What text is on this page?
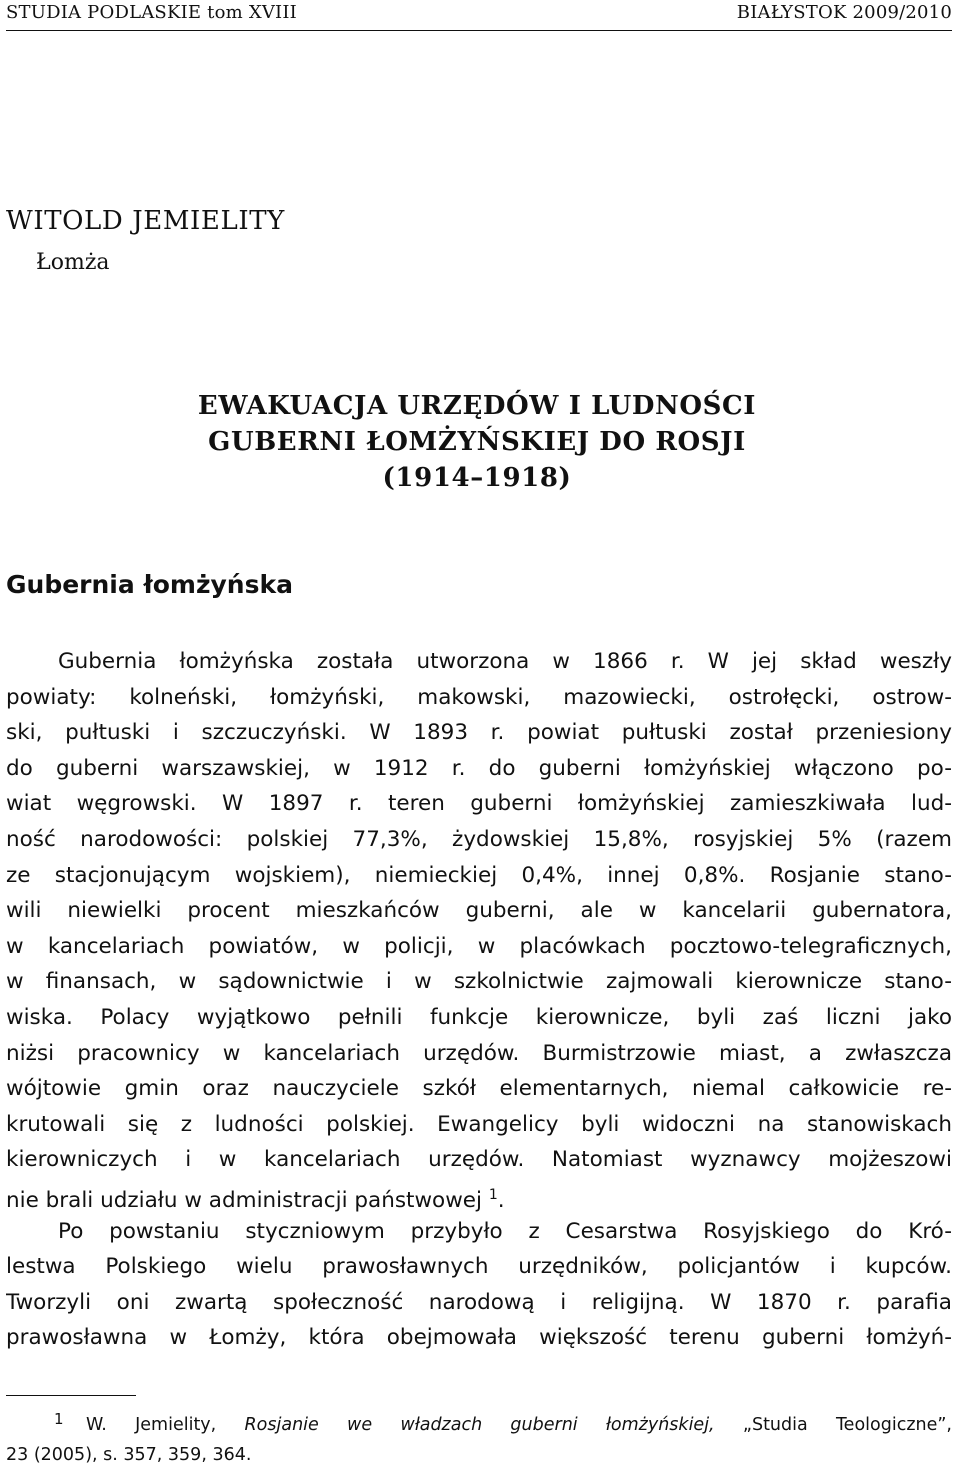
STUDIA PODLASKIE tom XVIII	BIAŁYSTOK 2009/2010
WITOLD JEMIELITY
Łomża
EWAKUACJA URZĘDÓW I LUDNOŚCI
GUBERNI ŁOMŻYŃSKIEJ DO ROSJI
(1914–1918)
Gubernia łomżyńska
Gubernia łomżyńska została utworzona w 1866 r. W jej skład weszły
powiaty: kolneński, łomżyński, makowski, mazowiecki, ostrołęcki, ostrow-
ski, pułtuski i szczuczyński. W 1893 r. powiat pułtuski został przeniesiony
do guberni warszawskiej, w 1912 r. do guberni łomżyńskiej włączono po-
wiat węgrowski. W 1897 r. teren guberni łomżyńskiej zamieszkiwała lud-
ność narodowości: polskiej 77,3%, żydowskiej 15,8%, rosyjskiej 5% (razem
ze stacjonującym wojskiem), niemieckiej 0,4%, innej 0,8%. Rosjanie stano-
wili niewielki procent mieszkańców guberni, ale w kancelarii gubernatora,
w kancelariach powiatów, w policji, w placówkach pocztowo-telegraficznych,
w finansach, w sądownictwie i w szkolnictwie zajmowali kierownicze stano-
wiska. Polacy wyjątkowo pełnili funkcje kierownicze, byli zaś liczni jako
niżsi pracownicy w kancelariach urzędów. Burmistrzowie miast, a zwłaszcza
wójtowie gmin oraz nauczyciele szkół elementarnych, niemal całkowicie re-
krutowali się z ludności polskiej. Ewangelicy byli widoczni na stanowiskach
kierowniczych i w kancelariach urzędów. Natomiast wyznawcy mojżeszowi
nie brali udziału w administracji państwowej $^1$.
Po powstaniu styczniowym przybyło z Cesarstwa Rosyjskiego do Kró-
lestwa Polskiego wielu prawosławnych urzędników, policjantów i kupców.
Tworzyli oni zwartą społeczność narodową i religijną. W 1870 r. parafia
prawosławna w Łomży, która obejmowała większość terenu guberni łomżyń-
1 W. Jemielity, Rosjanie we władzach guberni łomżyńskiej, „Studia Teologiczne”,
23 (2005), s. 357, 359, 364.
